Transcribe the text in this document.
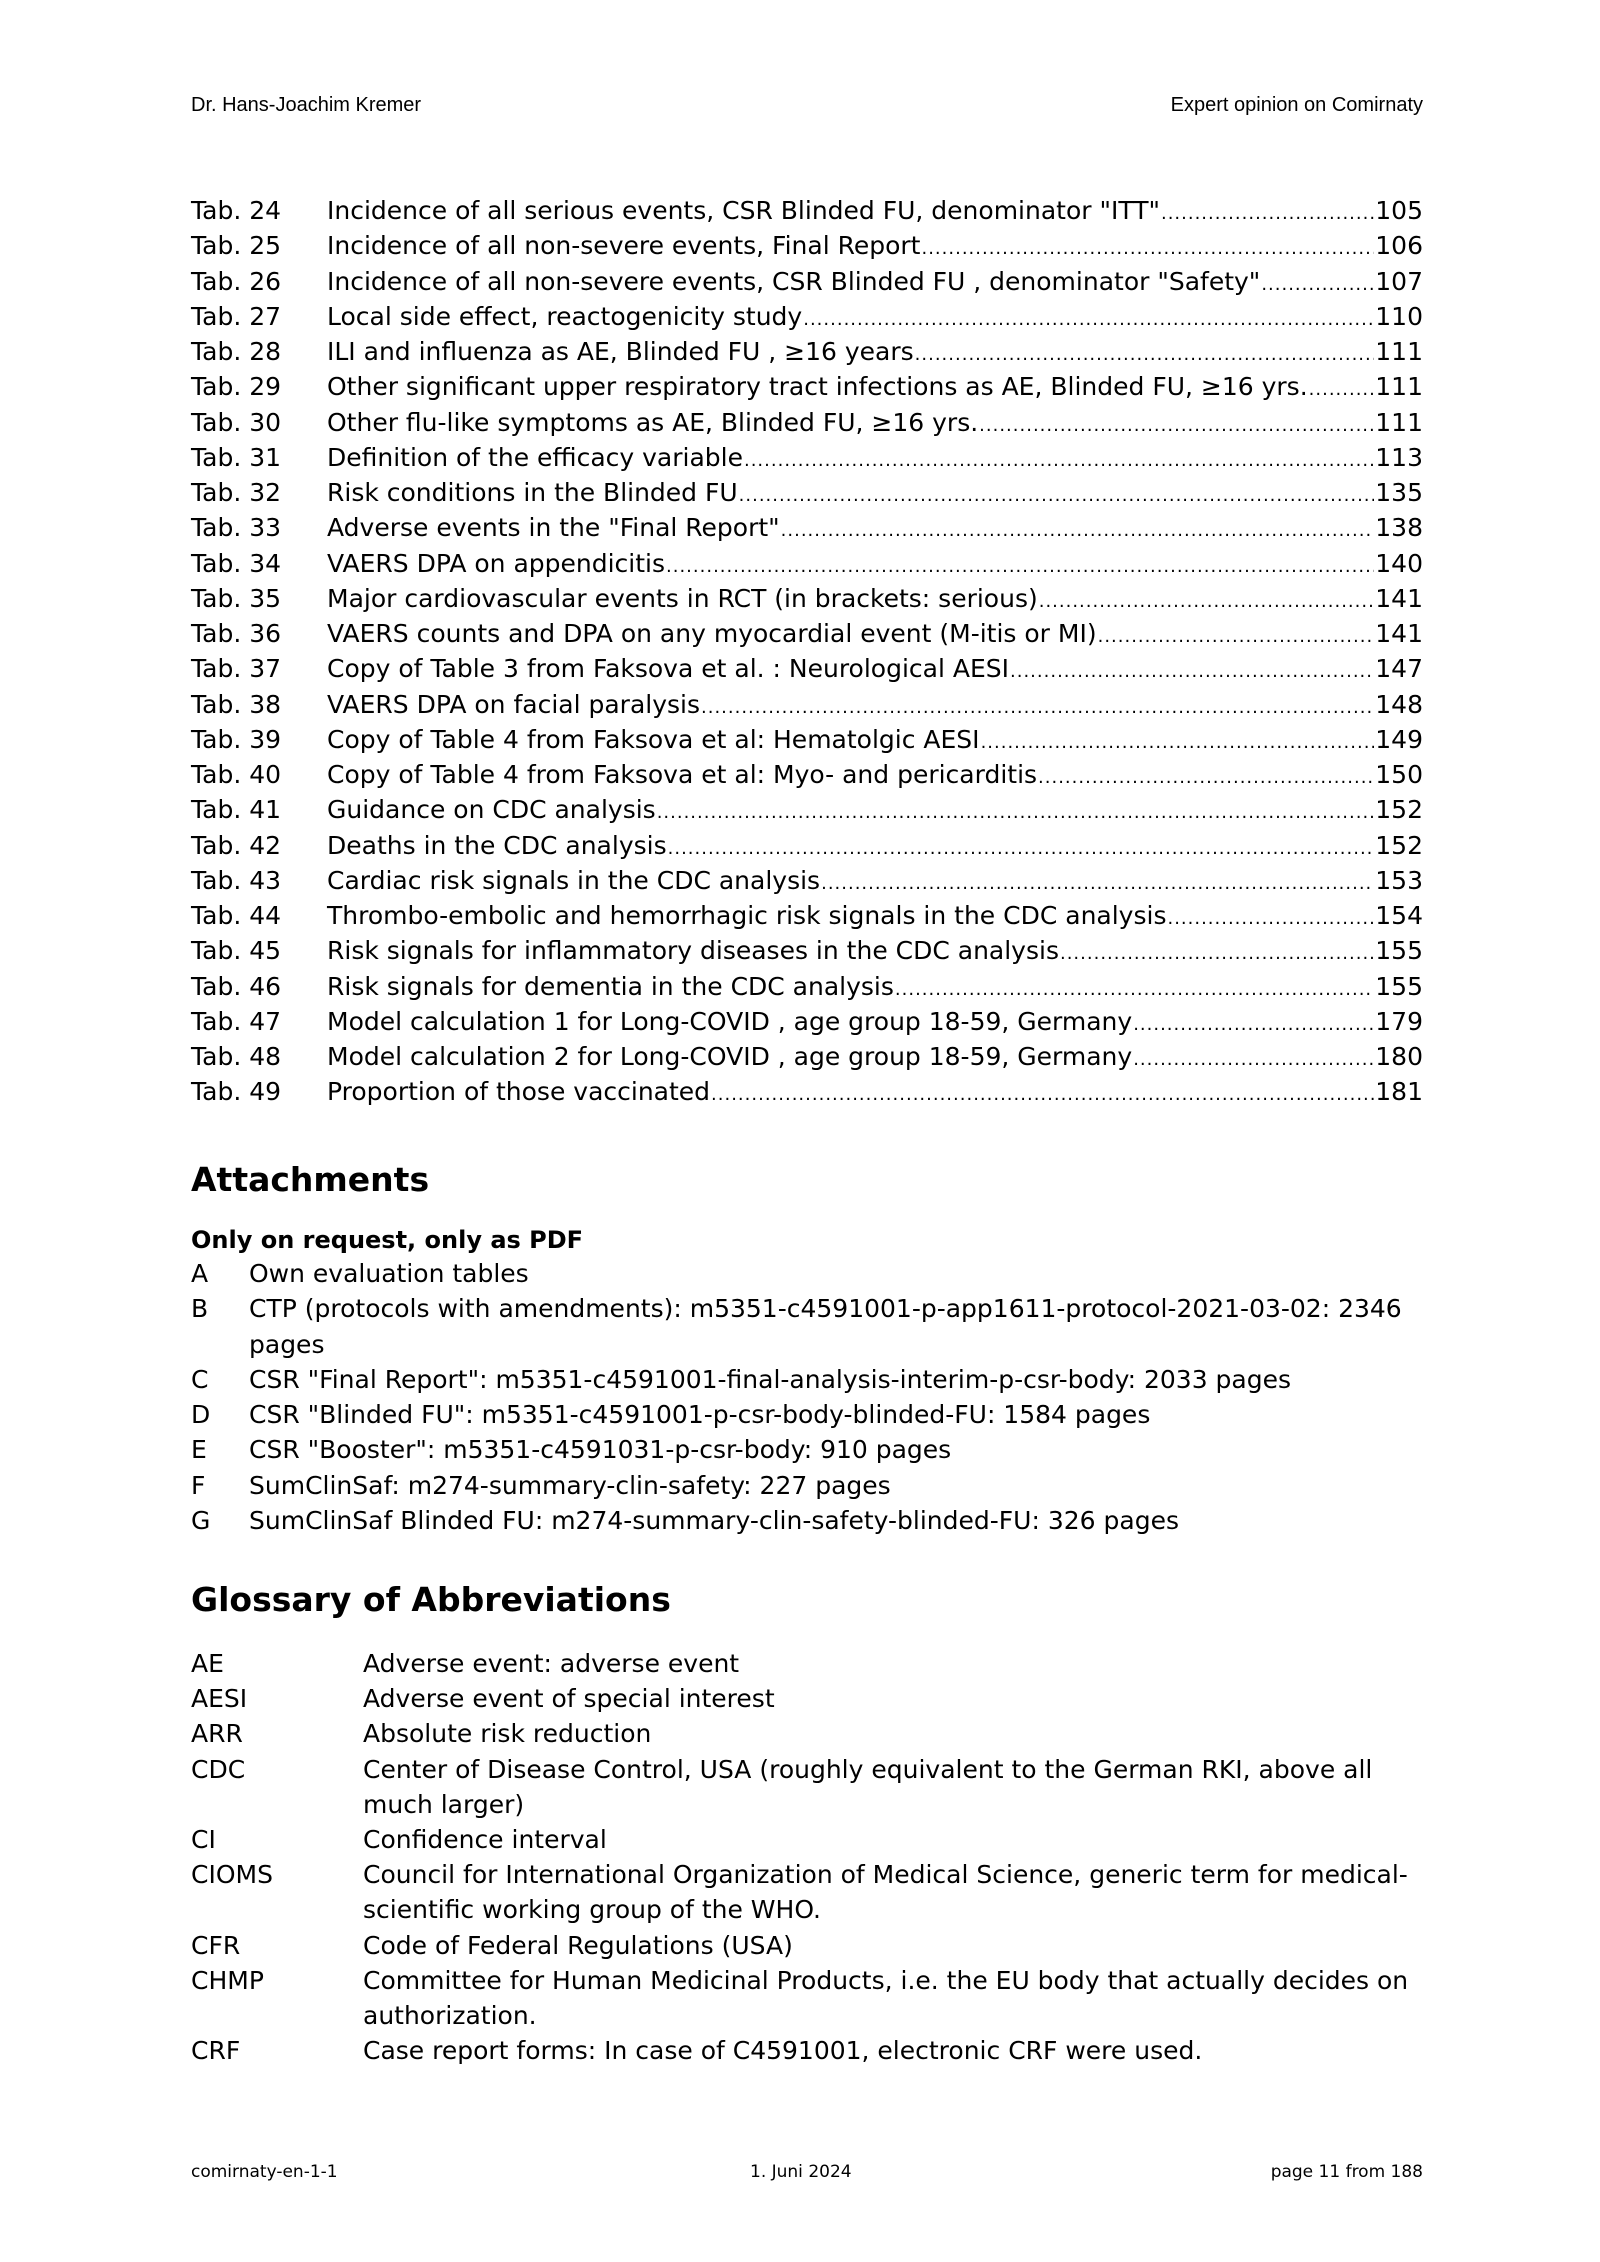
Dr. Hans-Joachim Kremer	Expert opinion on Comirnaty
Tab. 24	Incidence of all serious events, CSR Blinded FU, denominator "ITT" .....	105
Tab. 25	Incidence of all non-severe events, Final Report .....	106
Tab. 26	Incidence of all non-severe events, CSR Blinded FU , denominator "Safety" .....	107
Tab. 27	Local side effect, reactogenicity study .....	110
Tab. 28	ILI and influenza as AE, Blinded FU , ≥16 years .....	111
Tab. 29	Other significant upper respiratory tract infections as AE, Blinded FU, ≥16 yrs. .....	111
Tab. 30	Other flu-like symptoms as AE, Blinded FU, ≥16 yrs. .....	111
Tab. 31	Definition of the efficacy variable .....	113
Tab. 32	Risk conditions in the Blinded FU .....	135
Tab. 33	Adverse events in the "Final Report" .....	138
Tab. 34	VAERS DPA on appendicitis .....	140
Tab. 35	Major cardiovascular events in RCT (in brackets: serious) .....	141
Tab. 36	VAERS counts and DPA on any myocardial event (M-itis or MI) .....	141
Tab. 37	Copy of Table 3 from Faksova et al. : Neurological AESI .....	147
Tab. 38	VAERS DPA on facial paralysis .....	148
Tab. 39	Copy of Table 4 from Faksova et al: Hematolgic AESI .....	149
Tab. 40	Copy of Table 4 from Faksova et al: Myo- and pericarditis .....	150
Tab. 41	Guidance on CDC analysis .....	152
Tab. 42	Deaths in the CDC analysis .....	152
Tab. 43	Cardiac risk signals in the CDC analysis .....	153
Tab. 44	Thrombo-embolic and hemorrhagic risk signals in the CDC analysis .....	154
Tab. 45	Risk signals for inflammatory diseases in the CDC analysis .....	155
Tab. 46	Risk signals for dementia in the CDC analysis .....	155
Tab. 47	Model calculation 1 for Long-COVID , age group 18-59, Germany .....	179
Tab. 48	Model calculation 2 for Long-COVID , age group 18-59, Germany .....	180
Tab. 49	Proportion of those vaccinated .....	181
Attachments
Only on request, only as PDF
A	Own evaluation tables
B	CTP (protocols with amendments): m5351-c4591001-p-app1611-protocol-2021-03-02: 2346 pages
C	CSR "Final Report": m5351-c4591001-final-analysis-interim-p-csr-body: 2033 pages
D	CSR "Blinded FU": m5351-c4591001-p-csr-body-blinded-FU: 1584 pages
E	CSR "Booster": m5351-c4591031-p-csr-body: 910 pages
F	SumClinSaf: m274-summary-clin-safety: 227 pages
G	SumClinSaf Blinded FU: m274-summary-clin-safety-blinded-FU: 326 pages
Glossary of Abbreviations
AE	Adverse event: adverse event
AESI	Adverse event of special interest
ARR	Absolute risk reduction
CDC	Center of Disease Control, USA (roughly equivalent to the German RKI, above all much larger)
CI	Confidence interval
CIOMS	Council for International Organization of Medical Science, generic term for medical-scientific working group of the WHO.
CFR	Code of Federal Regulations (USA)
CHMP	Committee for Human Medicinal Products, i.e. the EU body that actually decides on authorization.
CRF	Case report forms: In case of C4591001, electronic CRF were used.
comirnaty-en-1-1	1. Juni 2024	page 11 from 188
